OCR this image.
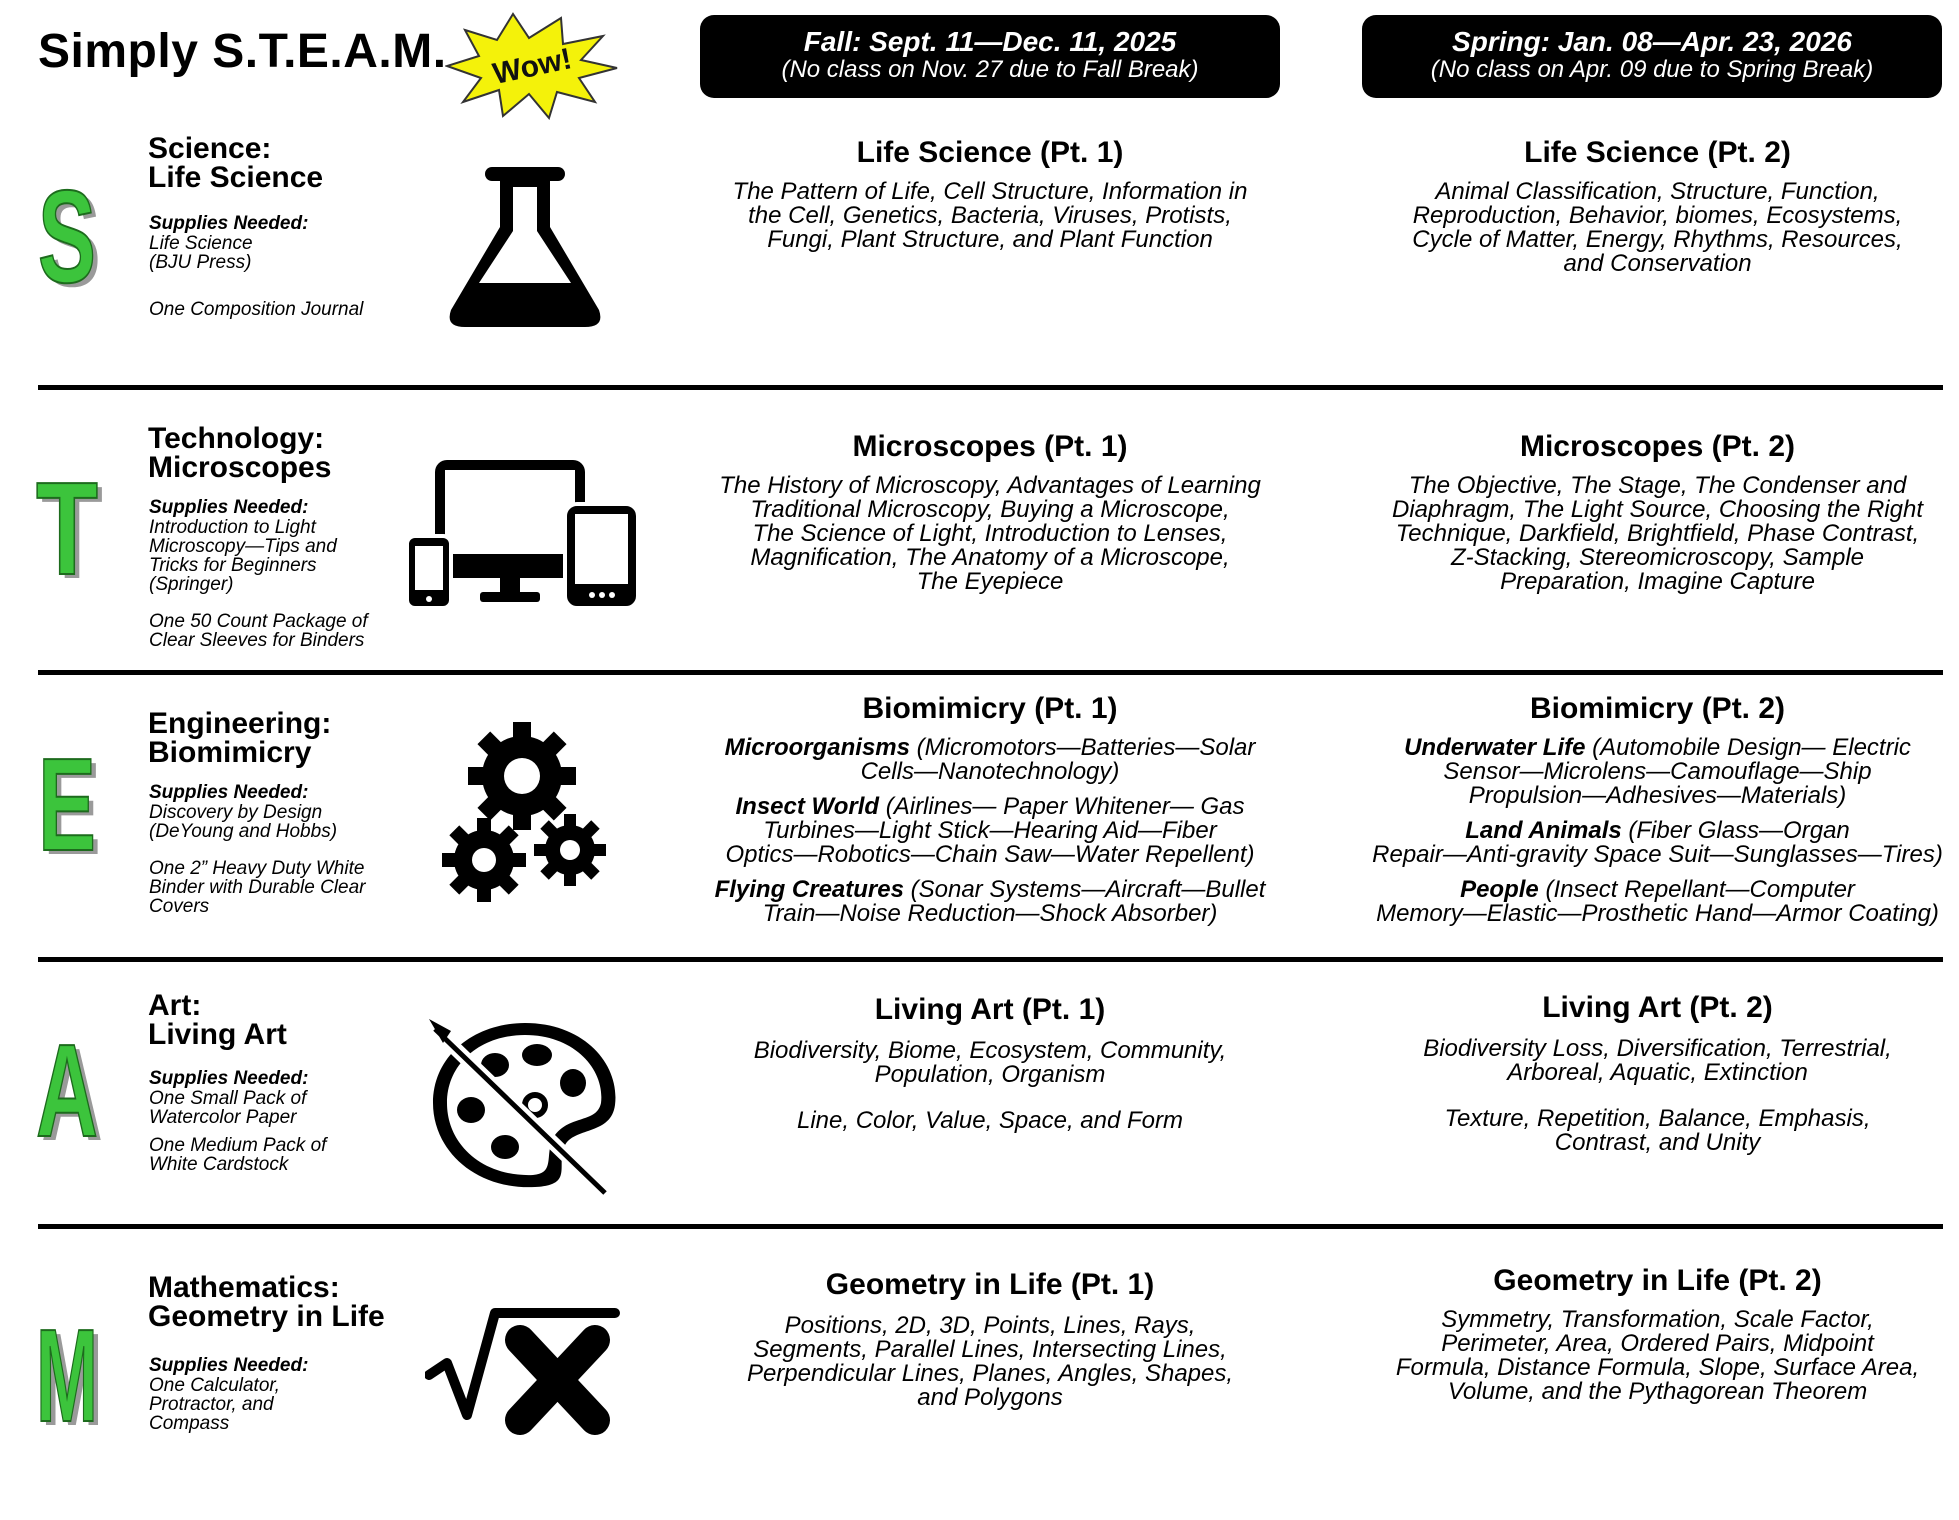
Simply S.T.E.A.M. Wow!
Fall: Sept. 11—Dec. 11, 2025
(No class on Nov. 27 due to Fall Break)
Spring: Jan. 08—Apr. 23, 2026
(No class on Apr. 09 due to Spring Break)
S
S
Science:
Life Science
Supplies Needed:
Life Science
(BJU Press)
One Composition Journal
Life Science (Pt. 1)
The Pattern of Life, Cell Structure, Information in
the Cell, Genetics, Bacteria, Viruses, Protists,
Fungi, Plant Structure, and Plant Function
Life Science (Pt. 2)
Animal Classification, Structure, Function,
Reproduction, Behavior, biomes, Ecosystems,
Cycle of Matter, Energy, Rhythms, Resources,
and Conservation
T
T
Technology:
Microscopes
Supplies Needed:
Introduction to Light
Microscopy—Tips and
Tricks for Beginners
(Springer)
One 50 Count Package of
Clear Sleeves for Binders
Microscopes (Pt. 1)
The History of Microscopy, Advantages of Learning
Traditional Microscopy, Buying a Microscope,
The Science of Light, Introduction to Lenses,
Magnification, The Anatomy of a Microscope,
The Eyepiece
Microscopes (Pt. 2)
The Objective, The Stage, The Condenser and
Diaphragm, The Light Source, Choosing the Right
Technique, Darkfield, Brightfield, Phase Contrast,
Z-Stacking, Stereomicroscopy, Sample
Preparation, Imagine Capture
E
E
Engineering:
Biomimicry
Supplies Needed:
Discovery by Design
(DeYoung and Hobbs)
One 2” Heavy Duty White
Binder with Durable Clear
Covers
Biomimicry (Pt. 1)
Microorganisms (Micromotors—Batteries—Solar
Cells—Nanotechnology)
Insect World (Airlines— Paper Whitener— Gas
Turbines—Light Stick—Hearing Aid—Fiber
Optics—Robotics—Chain Saw—Water Repellent)
Flying Creatures (Sonar Systems—Aircraft—Bullet
Train—Noise Reduction—Shock Absorber)
Biomimicry (Pt. 2)
Underwater Life (Automobile Design— Electric
Sensor—Microlens—Camouflage—Ship
Propulsion—Adhesives—Materials)
Land Animals (Fiber Glass—Organ
Repair—Anti-gravity Space Suit—Sunglasses—Tires)
People (Insect Repellant—Computer
Memory—Elastic—Prosthetic Hand—Armor Coating)
A
A
Art:
Living Art
Supplies Needed:
One Small Pack of
Watercolor Paper
One Medium Pack of
White Cardstock
Living Art (Pt. 1)
Biodiversity, Biome, Ecosystem, Community,
Population, Organism
Line, Color, Value, Space, and Form
Living Art (Pt. 2)
Biodiversity Loss, Diversification, Terrestrial,
Arboreal, Aquatic, Extinction
Texture, Repetition, Balance, Emphasis,
Contrast, and Unity
M
M
Mathematics:
Geometry in Life
Supplies Needed:
One Calculator,
Protractor, and
Compass
Geometry in Life (Pt. 1)
Positions, 2D, 3D, Points, Lines, Rays,
Segments, Parallel Lines, Intersecting Lines,
Perpendicular Lines, Planes, Angles, Shapes,
and Polygons
Geometry in Life (Pt. 2)
Symmetry, Transformation, Scale Factor,
Perimeter, Area, Ordered Pairs, Midpoint
Formula, Distance Formula, Slope, Surface Area,
Volume, and the Pythagorean Theorem
